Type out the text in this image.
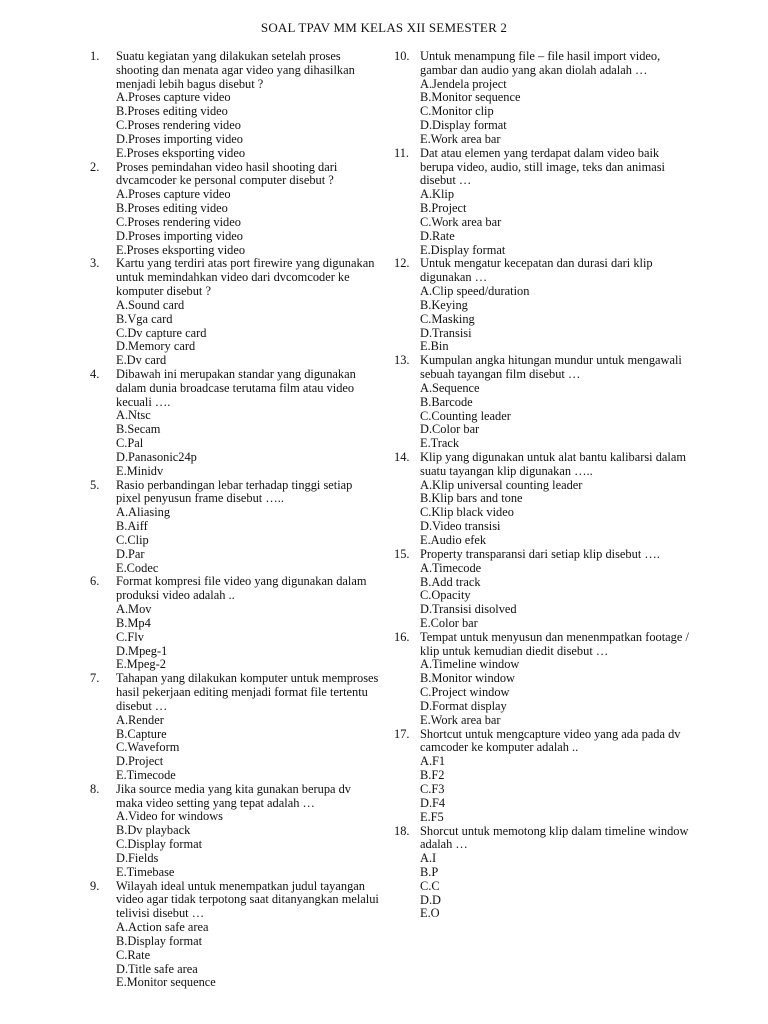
SOAL TPAV MM KELAS XII SEMESTER 2
1.	Suatu kegiatan yang dilakukan setelah proses shooting dan menata agar video yang dihasilkan menjadi lebih bagus disebut ?
A.Proses capture video
B.Proses editing video
C.Proses rendering video
D.Proses importing video
E.Proses eksporting video
2.	Proses pemindahan video hasil shooting dari dvcamcoder ke personal computer disebut ?
A.Proses capture video
B.Proses editing video
C.Proses rendering video
D.Proses importing video
E.Proses eksporting video
3.	Kartu yang terdiri atas port firewire yang digunakan untuk memindahkan video dari dvcomcoder ke komputer disebut ?
A.Sound card
B.Vga card
C.Dv capture card
D.Memory card
E.Dv card
4.	Dibawah ini merupakan standar yang digunakan dalam dunia broadcase terutama film atau video kecuali ….
A.Ntsc
B.Secam
C.Pal
D.Panasonic24p
E.Minidv
5.	Rasio perbandingan lebar terhadap tinggi setiap pixel penyusun frame disebut …..
A.Aliasing
B.Aiff
C.Clip
D.Par
E.Codec
6.	Format kompresi file video yang digunakan dalam produksi video adalah ..
A.Mov
B.Mp4
C.Flv
D.Mpeg-1
E.Mpeg-2
7.	Tahapan yang dilakukan komputer untuk memproses hasil pekerjaan editing menjadi format file tertentu disebut …
A.Render
B.Capture
C.Waveform
D.Project
E.Timecode
8.	Jika source media yang kita gunakan berupa dv maka video setting yang tepat adalah …
A.Video for windows
B.Dv playback
C.Display format
D.Fields
E.Timebase
9.	Wilayah ideal untuk menempatkan judul tayangan video agar tidak terpotong saat ditanyangkan melalui telivisi disebut …
A.Action safe area
B.Display format
C.Rate
D.Title safe area
E.Monitor sequence
10. Untuk menampung file – file hasil import video, gambar dan audio yang akan diolah adalah …
A.Jendela project
B.Monitor sequence
C.Monitor clip
D.Display format
E.Work area bar
11. Dat atau elemen yang terdapat dalam video baik berupa video, audio, still image, teks dan animasi disebut …
A.Klip
B.Project
C.Work area bar
D.Rate
E.Display format
12. Untuk mengatur kecepatan dan durasi dari klip digunakan …
A.Clip speed/duration
B.Keying
C.Masking
D.Transisi
E.Bin
13. Kumpulan angka hitungan mundur untuk mengawali sebuah tayangan film disebut …
A.Sequence
B.Barcode
C.Counting leader
D.Color bar
E.Track
14. Klip yang digunakan untuk alat bantu kalibarsi dalam suatu tayangan klip digunakan …..
A.Klip universal counting leader
B.Klip bars and tone
C.Klip black video
D.Video transisi
E.Audio efek
15. Property transparansi dari setiap klip disebut ….
A.Timecode
B.Add track
C.Opacity
D.Transisi disolved
E.Color bar
16. Tempat untuk menyusun dan menenmpatkan footage / klip untuk kemudian diedit disebut …
A.Timeline window
B.Monitor window
C.Project window
D.Format display
E.Work area bar
17. Shortcut untuk mengcapture video yang ada pada dv camcoder ke komputer adalah ..
A.F1
B.F2
C.F3
D.F4
E.F5
18. Shorcut untuk memotong klip dalam timeline window adalah …
A.I
B.P
C.C
D.D
E.O
